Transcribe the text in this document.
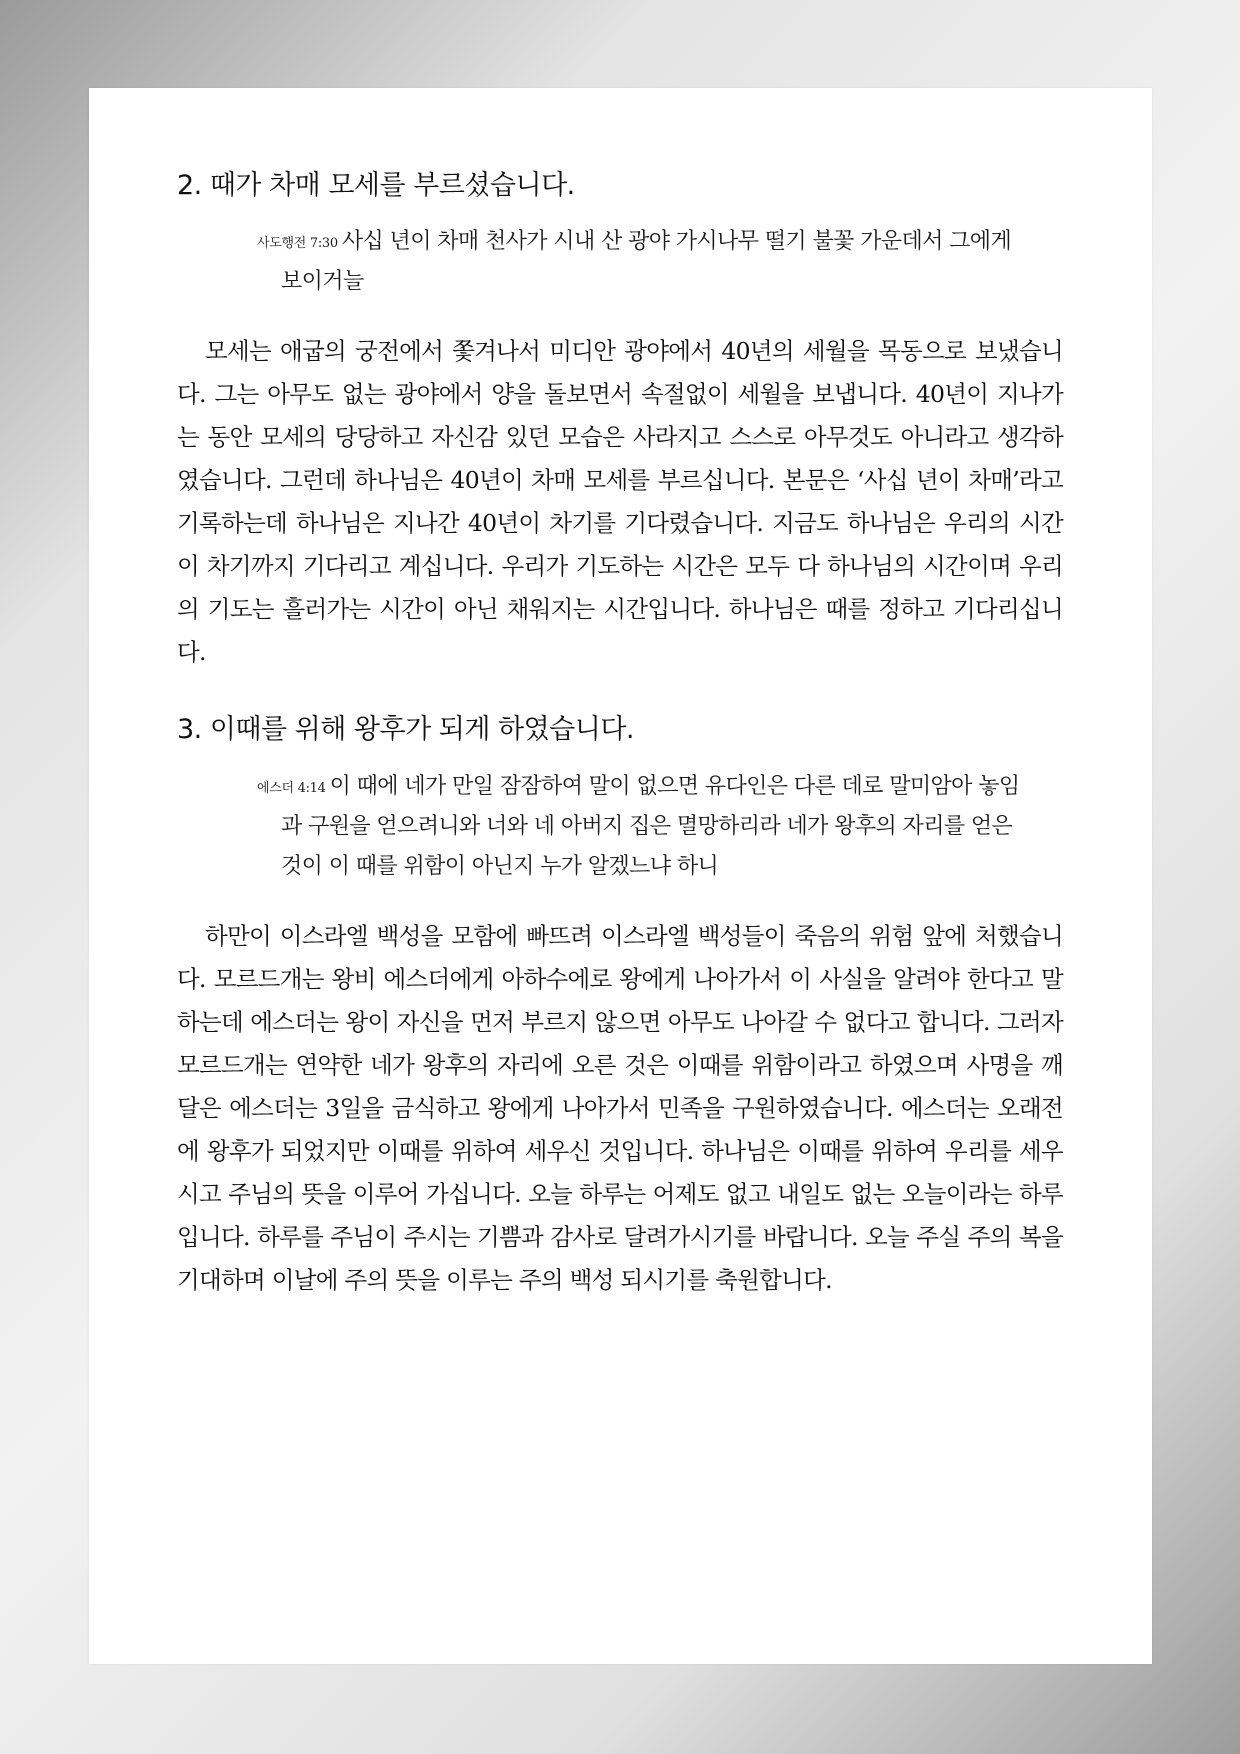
2. 때가 차매 모세를 부르셨습니다.
$^{사도행전 7:30}$ 사십 년이 차매 천사가 시내 산 광야 가시나무 떨기 불꽃 가운데서 그에게 보이거늘

모세는 애굽의 궁전에서 쫓겨나서 미디안 광야에서 40년의 세월을 목동으로 보냈습니다. 그는 아무도 없는 광야에서 양을 돌보면서 속절없이 세월을 보냅니다. 40년이 지나가는 동안 모세의 당당하고 자신감 있던 모습은 사라지고 스스로 아무것도 아니라고 생각하였습니다. 그런데 하나님은 40년이 차매 모세를 부르십니다. 본문은 ‘사십 년이 차매’라고 기록하는데 하나님은 지나간 40년이 차기를 기다렸습니다. 지금도 하나님은 우리의 시간이 차기까지 기다리고 계십니다. 우리가 기도하는 시간은 모두 다 하나님의 시간이며 우리의 기도는 흘러가는 시간이 아닌 채워지는 시간입니다. 하나님은 때를 정하고 기다리십니다.

3. 이때를 위해 왕후가 되게 하였습니다.
$^{에스더 4:14}$ 이 때에 네가 만일 잠잠하여 말이 없으면 유다인은 다른 데로 말미암아 놓임과 구원을 얻으려니와 너와 네 아버지 집은 멸망하리라 네가 왕후의 자리를 얻은 것이 이 때를 위함이 아닌지 누가 알겠느냐 하니

하만이 이스라엘 백성을 모함에 빠뜨려 이스라엘 백성들이 죽음의 위험 앞에 처했습니다. 모르드개는 왕비 에스더에게 아하수에로 왕에게 나아가서 이 사실을 알려야 한다고 말하는데 에스더는 왕이 자신을 먼저 부르지 않으면 아무도 나아갈 수 없다고 합니다. 그러자 모르드개는 연약한 네가 왕후의 자리에 오른 것은 이때를 위함이라고 하였으며 사명을 깨달은 에스더는 3일을 금식하고 왕에게 나아가서 민족을 구원하였습니다. 에스더는 오래전에 왕후가 되었지만 이때를 위하여 세우신 것입니다. 하나님은 이때를 위하여 우리를 세우시고 주님의 뜻을 이루어 가십니다. 오늘 하루는 어제도 없고 내일도 없는 오늘이라는 하루입니다. 하루를 주님이 주시는 기쁨과 감사로 달려가시기를 바랍니다. 오늘 주실 주의 복을 기대하며 이날에 주의 뜻을 이루는 주의 백성 되시기를 축원합니다.
